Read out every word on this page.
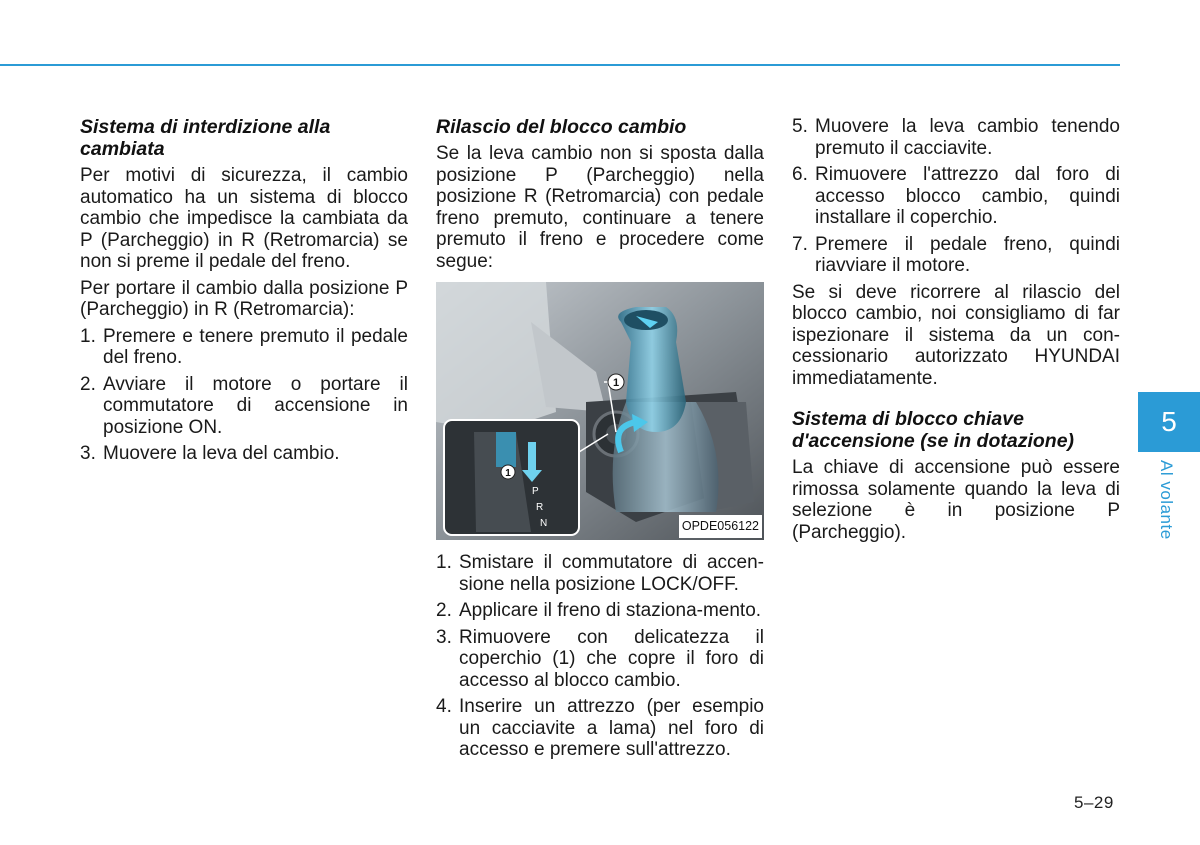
Sistema di interdizione alla cambiata

Per motivi di sicurezza, il cambio automatico ha un sistema di blocco cambio che impedisce la cambiata da P (Parcheggio) in R (Retromarcia) se non si preme il pedale del freno.

Per portare il cambio dalla posizione P (Parcheggio) in R (Retromarcia):

1. Premere e tenere premuto il pedale del freno.
2. Avviare il motore o portare il commutatore di accensione in posizione ON.
3. Muovere la leva del cambio.
Rilascio del blocco cambio

Se la leva cambio non si sposta dalla posizione P (Parcheggio) nella posizione R (Retromarcia) con pedale freno premuto, continuare a tenere premuto il freno e procedere come segue:

1
1
P
R
N	OPDE056122
1. Smistare il commutatore di accen-sione nella posizione LOCK/OFF.
2. Applicare il freno di staziona-mento.
3. Rimuovere con delicatezza il coperchio (1) che copre il foro di accesso al blocco cambio.
4. Inserire un attrezzo (per esempio un cacciavite a lama) nel foro di accesso e premere sull'attrezzo.
5. Muovere la leva cambio tenendo premuto il cacciavite.
6. Rimuovere l'attrezzo dal foro di accesso blocco cambio, quindi installare il coperchio.
7. Premere il pedale freno, quindi riavviare il motore.

Se si deve ricorrere al rilascio del blocco cambio, noi consigliamo di far ispezionare il sistema da un con-cessionario autorizzato HYUNDAI immediatamente.

Sistema di blocco chiave d'accensione (se in dotazione)

La chiave di accensione può essere rimossa solamente quando la leva di selezione è in posizione P (Parcheggio).

5
Al volante
5–29
